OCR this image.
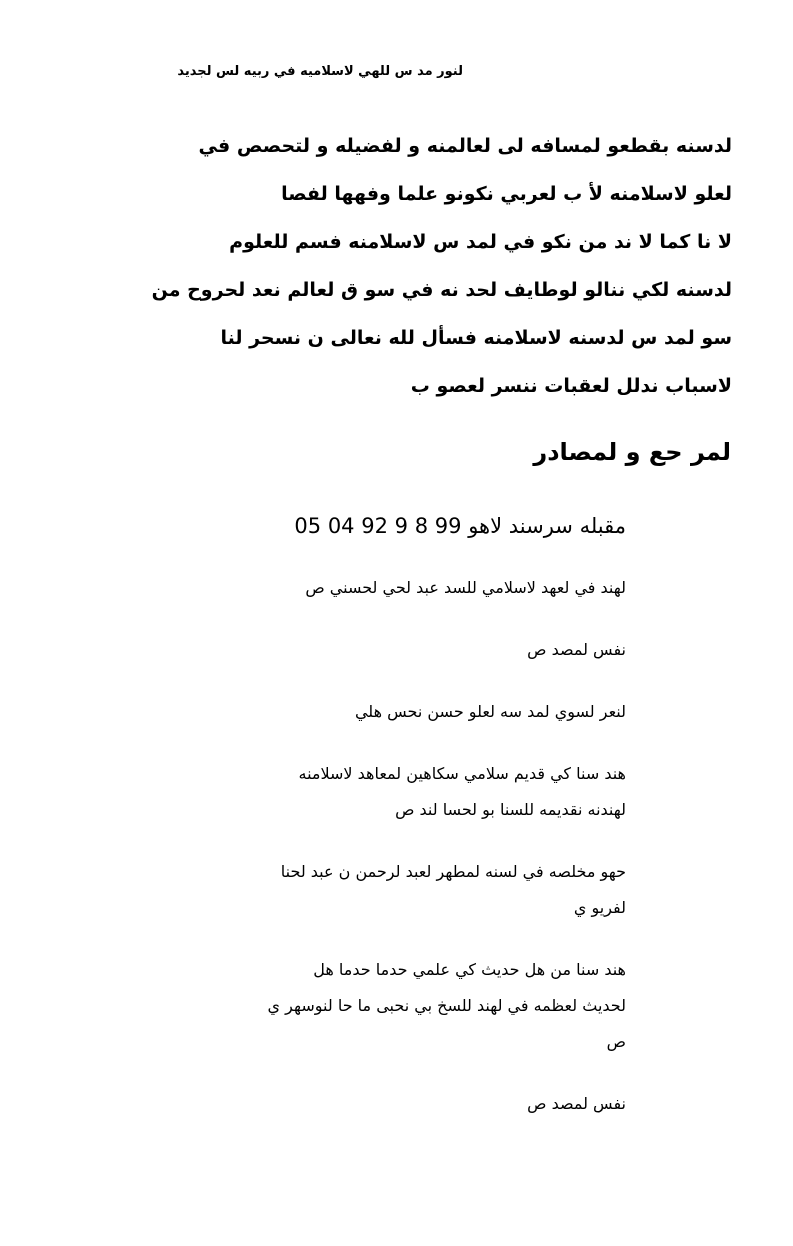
لنور مد س للهي لاسلاميه في ربيه لس لجديد
لدسنه بقطعو لمسافه لى لعالمنه و لفضيله و لتحصص في
لعلو لاسلامنه لأ ب لعربي نكونو علما وفهها لفصا
لا نا كما لا ند من نكو في لمد س لاسلامنه فسم للعلوم
لدسنه لكي ننالو لوطايف لحد نه في سو ق لعالم نعد لحروح من
سو لمد س لدسنه لاسلامنه فسأل لله نعالى ن نسحر لنا
لاسباب ندلل لعقبات ننسر لعصو ب
لمر حع و لمصادر
مقبله سرسند لاهو 99 8 9 92 04 05
لهند في لعهد لاسلامي للسد عبد لحي لحسني ص
نفس لمصد ص
لنعر لسوي لمد سه لعلو حسن نحس هلي
هند سنا كي قديم سلامي سكاهين لمعاهد لاسلامنه
لهندنه نقديمه للسنا بو لحسا لند ص
حهو مخلصه في لسنه لمطهر لعبد لرحمن ن عبد لحنا
لفريو ي
هند سنا من هل حديث كي علمي حدما حدما هل
لحديث لعظمه في لهند للسخ بي نحبى ما حا لنوسهر ي
ص
نفس لمصد ص
